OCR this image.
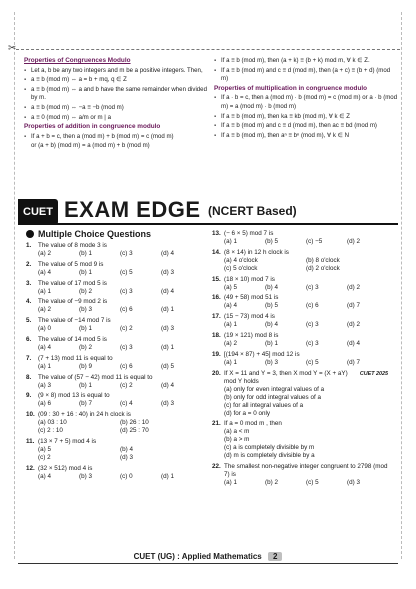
✂
Properties of Congruences Modulo
▪ Let a, b be any two integers and m be a positive integers. Then,
▪ a ≡ b (mod m) ⇔ a = b + mq, q ∈ Z
▪ a ≡ b (mod m) ⇔ a and b have the same remainder when divided by m.
▪ a ≡ b (mod m) ⇔ −a ≡ −b (mod m)
▪ a ≡ 0 (mod m) ⇔ a/m or m | a
Properties of addition in congruence modulo
▪ If a + b = c, then a (mod m) + b (mod m) = c (mod m)
or (a + b) (mod m) = a (mod m) + b (mod m)
▪ If a ≡ b (mod m), then (a + k) ≡ (b + k) mod m, ∀ k ∈ Z.
▪ If a ≡ b (mod m) and c ≡ d (mod m), then (a + c) ≡ (b + d) (mod m)
Properties of multiplication in congruence modulo
▪ If a · b = c, then a (mod m) · b (mod m) = c (mod m) or a · b (mod m) = a (mod m) · b (mod m)
▪ If a ≡ b (mod m), then ka ≡ kb (mod m), ∀ k ∈ Z
▪ If a ≡ b (mod m) and c ≡ d (mod m), then ac ≡ bd (mod m)
▪ If a ≡ b (mod m), then aⁿ ≡ bⁿ (mod m), ∀ k ∈ N
CUET EXAM EDGE (NCERT Based)
Multiple Choice Questions
1.	The value of 8 mode 3 is
(a) 2	(b) 1	(c) 3	(d) 4
2.	The value of 5 mod 9 is
(a) 4	(b) 1	(c) 5	(d) 3
3.	The value of 17 mod 5 is
(a) 1	(b) 2	(c) 3	(d) 4
4.	The value of −9 mod 2 is
(a) 2	(b) 3	(c) 6	(d) 1
5.	The value of −14 mod 7 is
(a) 0	(b) 1	(c) 2	(d) 3
6.	The value of 14 mod 5 is
(a) 4	(b) 2	(c) 3	(d) 1
7.	(7 + 13) mod 11 is equal to
(a) 1	(b) 9	(c) 6	(d) 5
8.	The value of (57 − 42) mod 11 is equal to
(a) 3	(b) 1	(c) 2	(d) 4
9.	(9 × 8) mod 13 is equal to
(a) 6	(b) 7	(c) 4	(d) 3
10. (09 : 30 + 16 : 40) in 24 h clock is
(a) 03 : 10	(b) 26 : 10
(c) 2 : 10	(d) 25 : 70
11. (13 × 7 + 5) mod 4 is
(a) 5	(b) 4
(c) 2	(d) 3
12. (32 × 512) mod 4 is
(a) 4	(b) 3	(c) 0	(d) 1
13. (− 6 × 5) mod 7 is
(a) 1	(b) 5	(c) −5	(d) 2
14. (8 × 14) in 12 h clock is
(a) 4 o'clock	(b) 8 o'clock
(c) 5 o'clock	(d) 2 o'clock
15. (18 × 10) mod 7 is
(a) 5	(b) 4	(c) 3	(d) 2
16. (49 + 58) mod 51 is
(a) 4	(b) 5	(c) 6	(d) 7
17. (15 − 73) mod 4 is
(a) 1	(b) 4	(c) 3	(d) 2
18. (19 × 121) mod 8 is
(a) 2	(b) 1	(c) 3	(d) 4
19. [(194 × 87) + 45] mod 12 is
(a) 1	(b) 3	(c) 5	(d) 7
CUET 2025
20. If X = 11 and Y = 3, then X mod Y = (X + aY) mod Y holds
(a) only for even integral values of a
(b) only for odd integral values of a
(c) for all integral values of a
(d) for a = 0 only
21. If a = 0 mod m , then
(a) a < m
(b) a > m
(c) a is completely divisible by m
(d) m is completely divisible by a
22. The smallest non-negative integer congruent to 2798 (mod 7) is
(a) 1	(b) 2	(c) 5	(d) 3
CUET (UG) : Applied Mathematics 2
